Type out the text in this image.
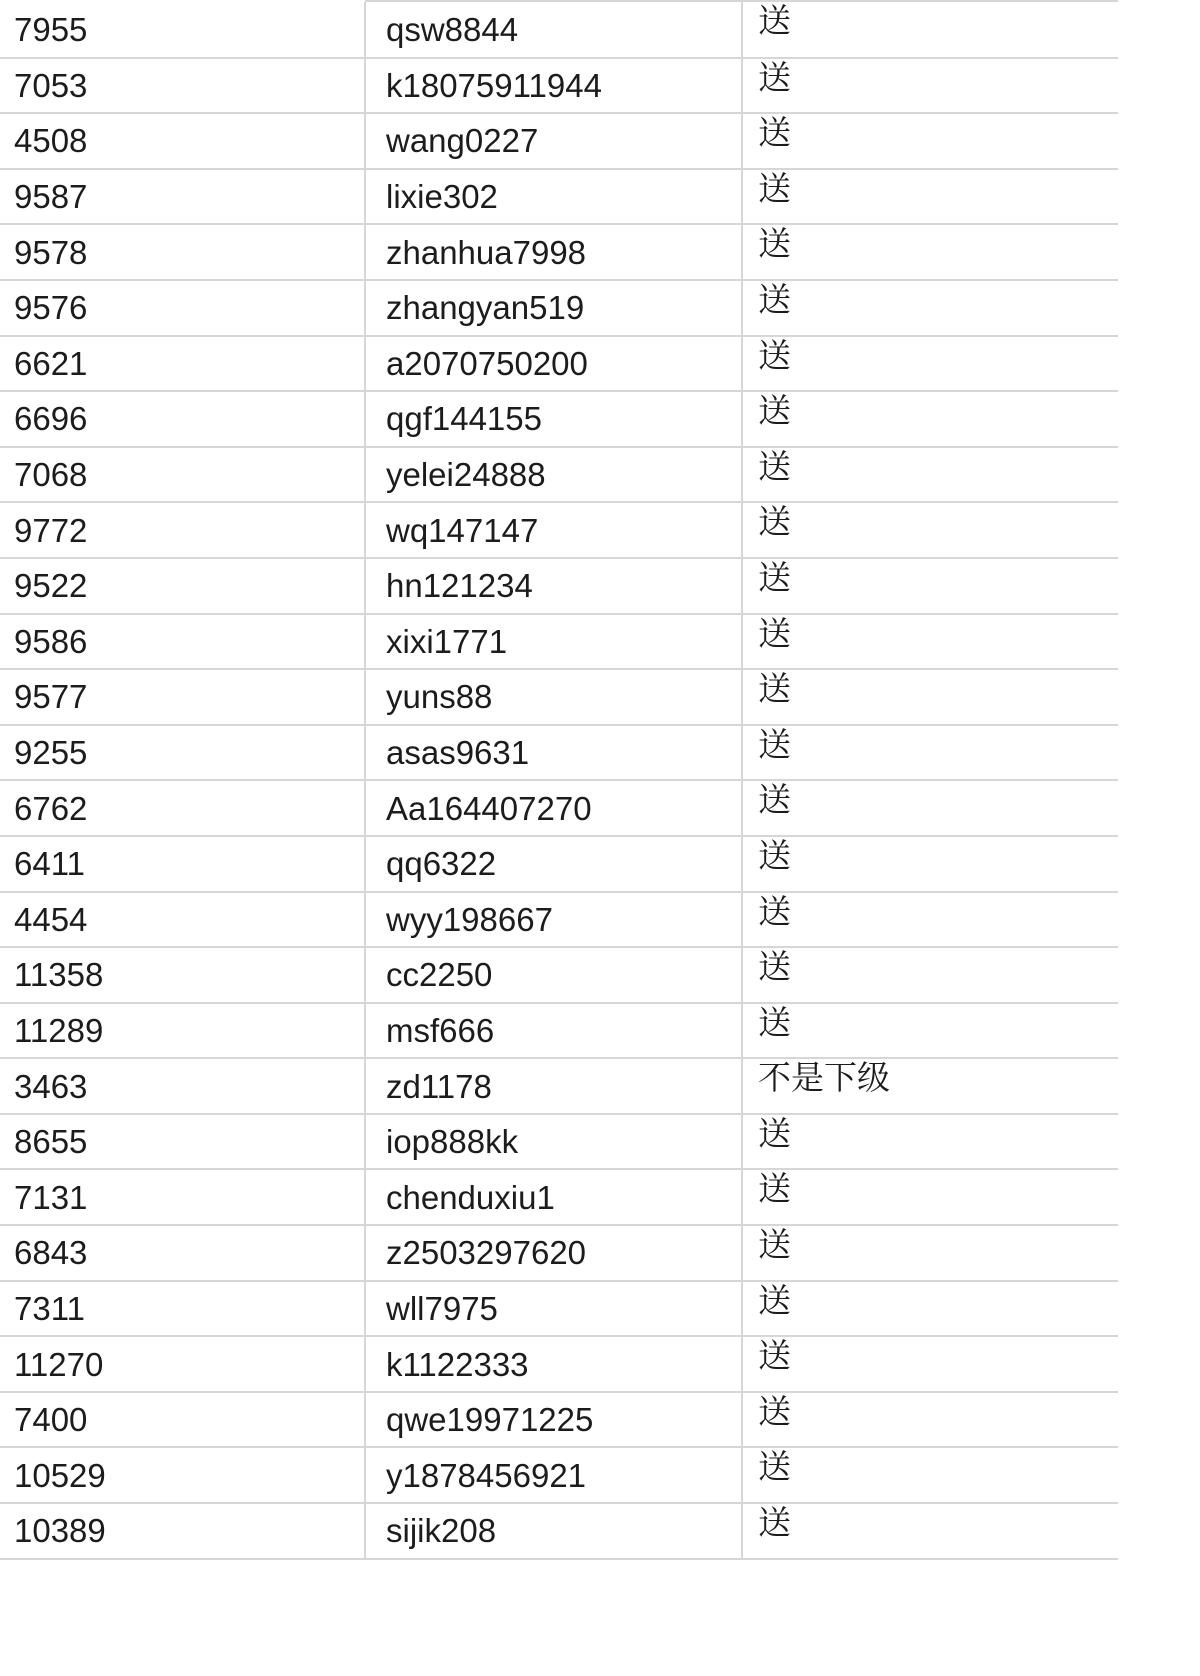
7955	qsw8844	送
7053	k18075911944	送
4508	wang0227	送
9587	lixie302	送
9578	zhanhua7998	送
9576	zhangyan519	送
6621	a2070750200	送
6696	qgf144155	送
7068	yelei24888	送
9772	wq147147	送
9522	hn121234	送
9586	xixi1771	送
9577	yuns88	送
9255	asas9631	送
6762	Aa164407270	送
6411	qq6322	送
4454	wyy198667	送
11358	cc2250	送
11289	msf666	送
3463	zd1178	不是下级
8655	iop888kk	送
7131	chenduxiu1	送
6843	z2503297620	送
7311	wll7975	送
11270	k1122333	送
7400	qwe19971225	送
10529	y1878456921	送
10389	sijik208	送
